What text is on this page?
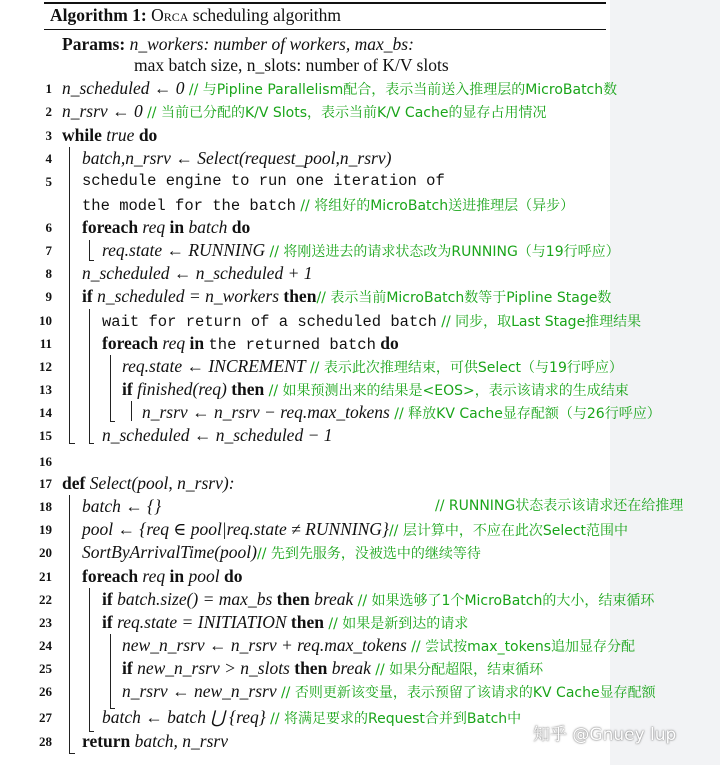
Algorithm 1: Orca scheduling algorithm
Params: n_workers: number of workers, max_bs:
max batch size, n_slots: number of K/V slots
1 n_scheduled ← 0 // 与Pipline Parallelism配合，表示当前送入推理层的MicroBatch数
2 n_rsrv ← 0 // 当前已分配的K/V Slots，表示当前K/V Cache的显存占用情况
3 while true do
4 batch,n_rsrv ← Select(request_pool,n_rsrv)
5 schedule engine to run one iteration of
the model for the batch // 将组好的MicroBatch送进推理层（异步）
6 foreach req in batch do
7	req.state ← RUNNING // 将刚送进去的请求状态改为RUNNING（与19行呼应）
8 n_scheduled ← n_scheduled + 1
9 if n_scheduled = n_workers then// 表示当前MicroBatch数等于Pipline Stage数
10	wait for return of a scheduled batch // 同步，取Last Stage推理结果
11	foreach req in the returned batch do
12	req.state ← INCREMENT // 表示此次推理结束，可供Select（与19行呼应）
13	if finished(req) then // 如果预测出来的结果是<EOS>，表示该请求的生成结束
14	n_rsrv ← n_rsrv − req.max_tokens // 释放KV Cache显存配额（与26行呼应）
15	n_scheduled ← n_scheduled − 1
16
17 def Select(pool, n_rsrv):
18 batch ← {}	// RUNNING状态表示该请求还在给推理
19 pool ← {req ∈ pool|req.state ≠ RUNNING}// 层计算中，不应在此次Select范围中
20 SortByArrivalTime(pool)// 先到先服务，没被选中的继续等待
21 foreach req in pool do
22	if batch.size() = max_bs then break // 如果选够了1个MicroBatch的大小，结束循环
23	if req.state = INITIATION then // 如果是新到达的请求
24	new_n_rsrv ← n_rsrv + req.max_tokens // 尝试按max_tokens追加显存分配
25	if new_n_rsrv > n_slots then break // 如果分配超限，结束循环
26	n_rsrv ← new_n_rsrv // 否则更新该变量，表示预留了该请求的KV Cache显存配额
27	batch ← batch ⋃ {req} // 将满足要求的Request合并到Batch中
28 return batch, n_rsrv	知乎 @Gnuey lup
